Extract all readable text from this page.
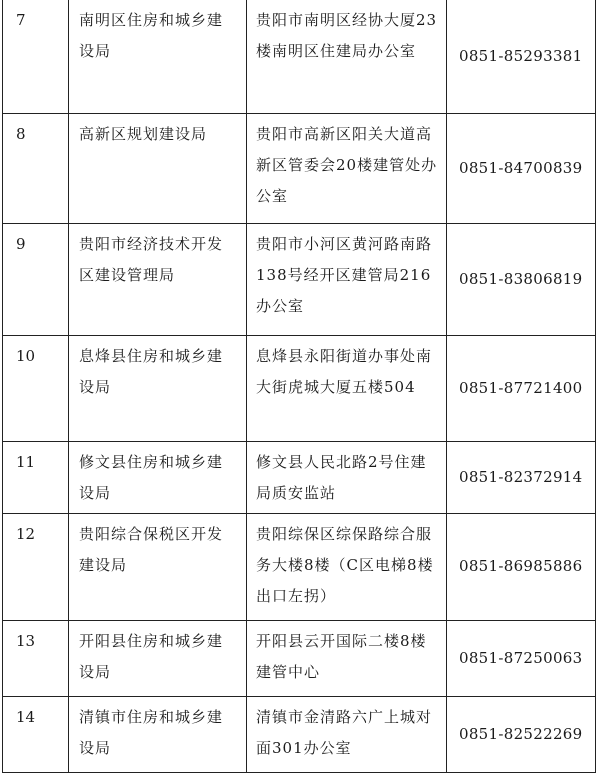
7	南明区住房和城乡建设局	贵阳市南明区经协大厦23楼南明区住建局办公室	0851-85293381
8	高新区规划建设局	贵阳市高新区阳关大道高新区管委会20楼建管处办公室	0851-84700839
9	贵阳市经济技术开发区建设管理局	贵阳市小河区黄河路南路138号经开区建管局216办公室	0851-83806819
10	息烽县住房和城乡建设局	息烽县永阳街道办事处南大街虎城大厦五楼504	0851-87721400
11	修文县住房和城乡建设局	修文县人民北路2号住建局质安监站	0851-82372914
12	贵阳综合保税区开发建设局	贵阳综保区综保路综合服务大楼8楼（C区电梯8楼出口左拐）	0851-86985886
13	开阳县住房和城乡建设局	开阳县云开国际二楼8楼建管中心	0851-87250063
14	清镇市住房和城乡建设局	清镇市金清路六广上城对面301办公室	0851-82522269
